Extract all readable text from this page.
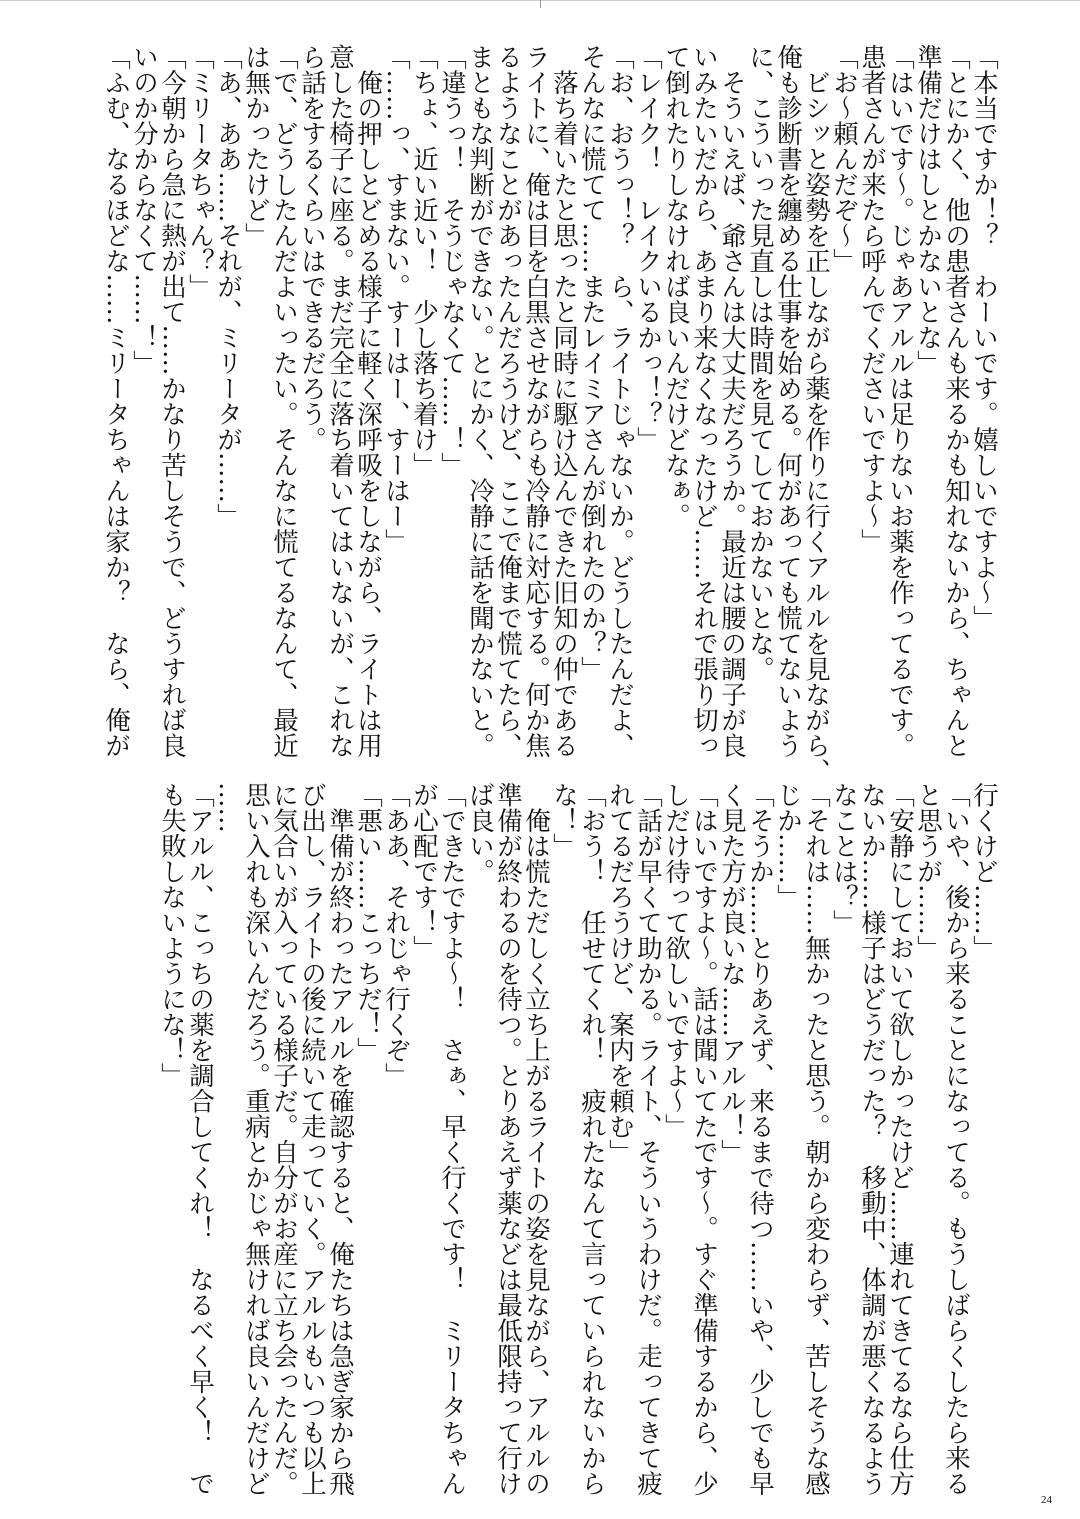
「本当ですか！？　わーいです。嬉しいですよ～」
「とにかく、他の患者さんも来るかも知れないから、ちゃんと
準備だけはしとかないとな」
「はいです～。じゃあアルルは足りないお薬を作ってるです。
患者さんが来たら呼んでくださいですよ～」
「お～頼んだぞ～」
　ビシッと姿勢を正しながら薬を作りに行くアルルを見ながら、
俺も診断書を纏める仕事を始める。何があっても慌てないよう
に、こういった見直しは時間を見てしておかないとな。
　そういえば、爺さんは大丈夫だろうか。最近は腰の調子が良
いみたいだから、あまり来なくなったけど……それで張り切っ
て倒れたりしなければ良いんだけどなぁ。
「レイク！　レイクいるかっ！？」
「お、おうっ！？　ら、ライトじゃないか。どうしたんだよ、
そんなに慌てて……またレイミアさんが倒れたのか？」
　落ち着いたと思ったと同時に駆け込んできた旧知の仲である
ライトに、俺は目を白黒させながらも冷静に対応する。何か焦
るようなことがあったんだろうけど、ここで俺まで慌てたら、
まともな判断ができない。とにかく、冷静に話を聞かないと。
「違うっ！　そうじゃなくて……！」
「ちょ、近い近い！　少し落ち着け」
「……っ、すまない。すーはー、すーはー」
　俺の押しとどめる様子に軽く深呼吸をしながら、ライトは用
意した椅子に座る。まだ完全に落ち着いてはいないが、これな
ら話をするくらいはできるだろう。
「で、どうしたんだよいったい。そんなに慌てるなんて、最近
は無かったけど」
「あ、ああ……それが、ミリータが……」
「ミリータちゃん？」
「今朝から急に熱が出て……かなり苦しそうで、どうすれば良
いのか分からなくて……！」
「ふむ、なるほどな……ミリータちゃんは家か？　なら、俺が
行くけど……」
「いや、後から来ることになってる。もうしばらくしたら来る
と思うが……」
「安静にしておいて欲しかったけど……連れてきてるなら仕方
ないか……様子はどうだった？　移動中、体調が悪くなるよう
なことは？」
「それは……無かったと思う。朝から変わらず、苦しそうな感
じか……」
「そうか……とりあえず、来るまで待つ……いや、少しでも早
く見た方が良いな……アルル！」
「はいですよ～。話は聞いてたです～。すぐ準備するから、少
しだけ待って欲しいですよ～」
「話が早くて助かる。ライト、そういうわけだ。走ってきて疲
れてるだろうけど、案内を頼む」
「おう！　任せてくれ！　疲れたなんて言っていられないから
な！」
　俺は慌ただしく立ち上がるライトの姿を見ながら、アルルの
準備が終わるのを待つ。とりあえず薬などは最低限持って行け
ば良い。
「できたですよ～！　さぁ、早く行くです！　ミリータちゃん
が心配です！」
「ああ、それじゃ行くぞ」
「悪い……こっちだ！」
　準備が終わったアルルを確認すると、俺たちは急ぎ家から飛
び出し、ライトの後に続いて走っていく。アルルもいつも以上
に気合いが入っている様子だ。自分がお産に立ち会ったんだ。
思い入れも深いんだろう。重病とかじゃ無ければ良いんだけど
……
「アルル、こっちの薬を調合してくれ！　なるべく早く！　で
も失敗しないようにな！」
24
